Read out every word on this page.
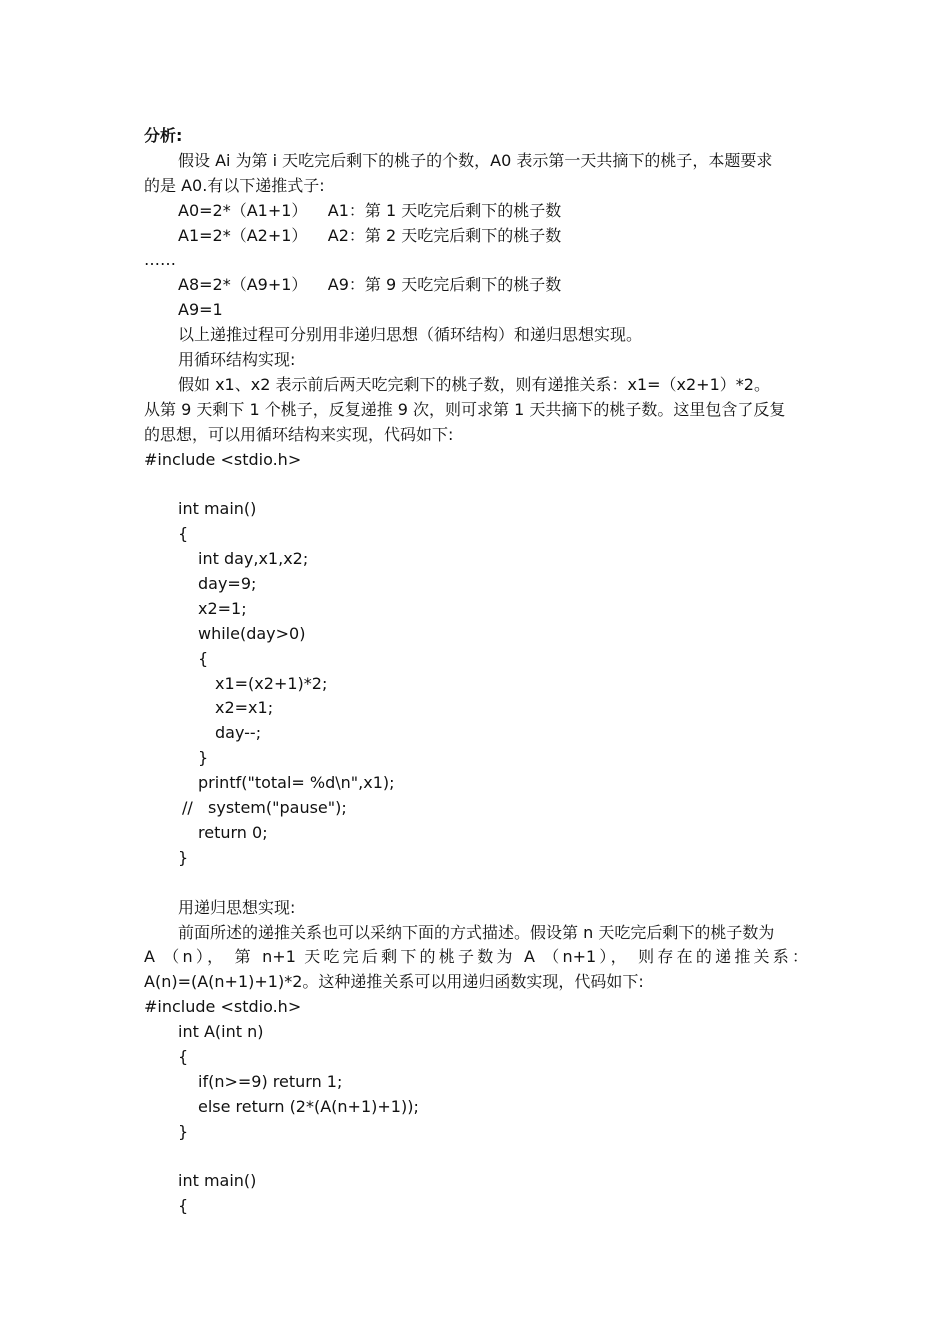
分析:
假设 Ai 为第 i 天吃完后剩下的桃子的个数，A0 表示第一天共摘下的桃子，本题要求
的是 A0.有以下递推式子:
A0=2*（A1+1）    A1：第 1 天吃完后剩下的桃子数
A1=2*（A2+1）    A2：第 2 天吃完后剩下的桃子数
……
A8=2*（A9+1）    A9：第 9 天吃完后剩下的桃子数
A9=1
以上递推过程可分别用非递归思想（循环结构）和递归思想实现。
用循环结构实现:
假如 x1、x2 表示前后两天吃完剩下的桃子数，则有递推关系：x1=（x2+1）*2。
从第 9 天剩下 1 个桃子，反复递推 9 次，则可求第 1 天共摘下的桃子数。这里包含了反复
的思想，可以用循环结构来实现，代码如下:
#include <stdio.h>
int main()
{
int day,x1,x2;
day=9;
x2=1;
while(day>0)
{
x1=(x2+1)*2;
x2=x1;
day--;
}
printf("total= %d\n",x1);
//   system("pause");
return 0;
}
用递归思想实现:
前面所述的递推关系也可以采纳下面的方式描述。假设第 n 天吃完后剩下的桃子数为
A （n）， 第 n+1 天吃完后剩下的桃子数为 A （n+1）， 则存在的递推关系：
A(n)=(A(n+1)+1)*2。这种递推关系可以用递归函数实现，代码如下:
#include <stdio.h>
int A(int n)
{
if(n>=9) return 1;
else return (2*(A(n+1)+1));
}
int main()
{
